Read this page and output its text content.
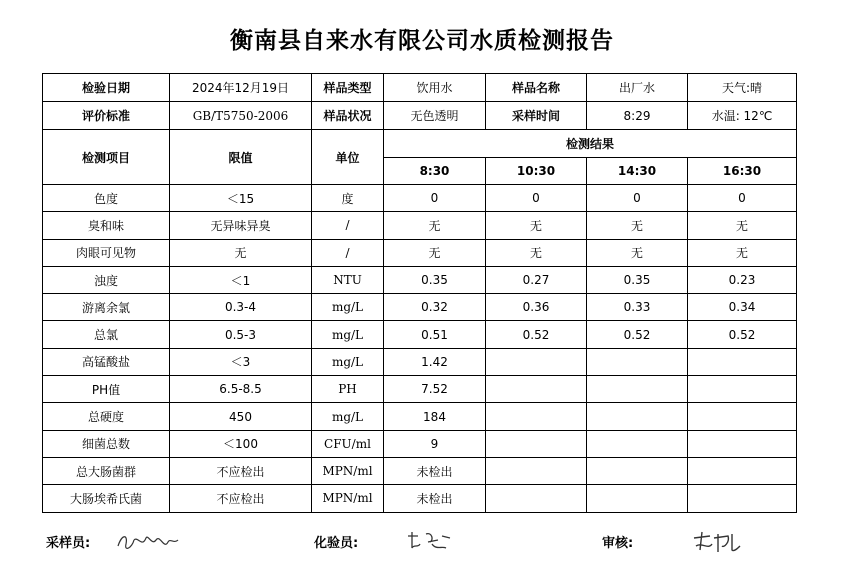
衡南县自来水有限公司水质检测报告
检验日期	2024年12月19日	样品类型	饮用水	样品名称	出厂水	天气:晴
评价标准	GB/T5750-2006	样品状况	无色透明	采样时间	8:29	水温: 12℃
检测项目	限值	单位	检测结果			
			8:30	10:30	14:30	16:30
色度	＜15	度	0	0	0	0
臭和味	无异味异臭	/	无	无	无	无
肉眼可见物	无	/	无	无	无	无
浊度	＜1	NTU	0.35	0.27	0.35	0.23
游离余氯	0.3-4	mg/L	0.32	0.36	0.33	0.34
总氯	0.5-3	mg/L	0.51	0.52	0.52	0.52
高锰酸盐	＜3	mg/L	1.42			
PH值	6.5-8.5	PH	7.52			
总硬度	450	mg/L	184			
细菌总数	＜100	CFU/ml	9			
总大肠菌群	不应检出	MPN/ml	未检出			
大肠埃希氏菌	不应检出	MPN/ml	未检出			
采样员:	化验员:	审核:
